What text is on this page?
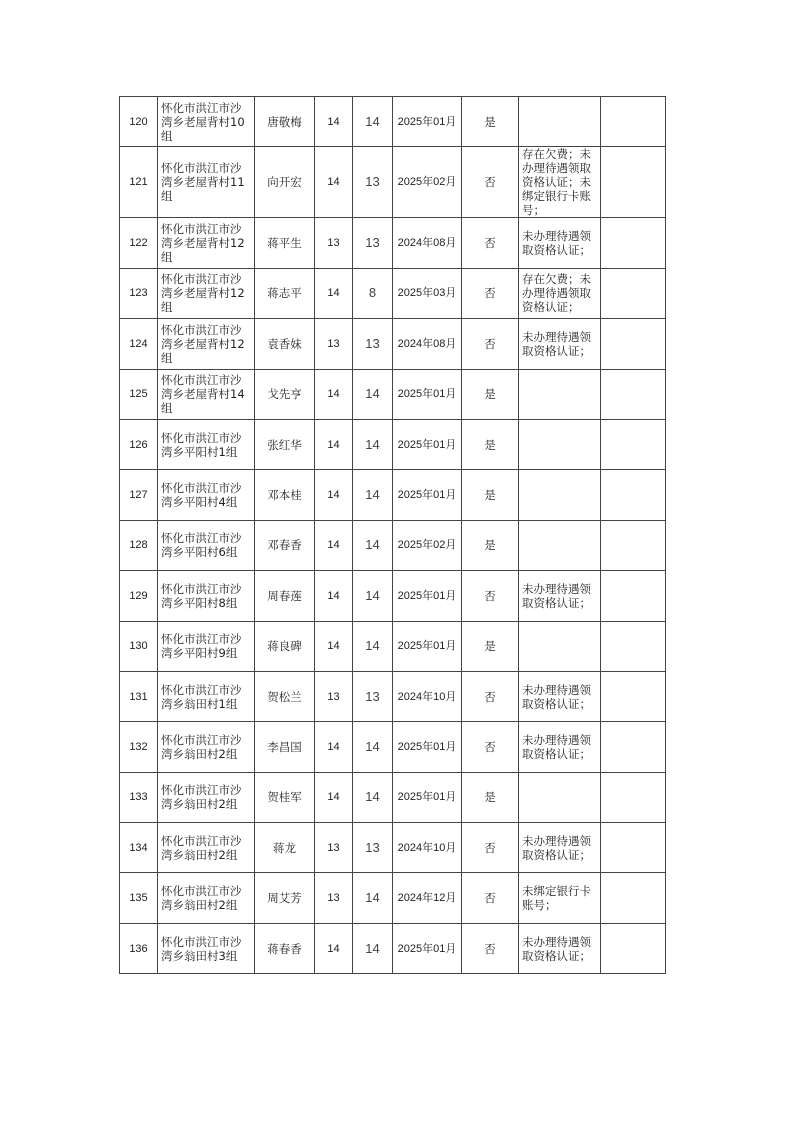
120	怀化市洪江市沙湾乡老屋背村10组	唐敬梅	14	14	2025年01月	是		
121	怀化市洪江市沙湾乡老屋背村11组	向开宏	14	13	2025年02月	否	存在欠费；未办理待遇领取资格认证；未绑定银行卡账号；	
122	怀化市洪江市沙湾乡老屋背村12组	蒋平生	13	13	2024年08月	否	未办理待遇领取资格认证；	
123	怀化市洪江市沙湾乡老屋背村12组	蒋志平	14	8	2025年03月	否	存在欠费；未办理待遇领取资格认证；	
124	怀化市洪江市沙湾乡老屋背村12组	袁香妹	13	13	2024年08月	否	未办理待遇领取资格认证；	
125	怀化市洪江市沙湾乡老屋背村14组	戈先亨	14	14	2025年01月	是		
126	怀化市洪江市沙湾乡平阳村1组	张红华	14	14	2025年01月	是		
127	怀化市洪江市沙湾乡平阳村4组	邓本桂	14	14	2025年01月	是		
128	怀化市洪江市沙湾乡平阳村6组	邓春香	14	14	2025年02月	是		
129	怀化市洪江市沙湾乡平阳村8组	周春莲	14	14	2025年01月	否	未办理待遇领取资格认证；	
130	怀化市洪江市沙湾乡平阳村9组	蒋良碑	14	14	2025年01月	是		
131	怀化市洪江市沙湾乡翁田村1组	贺松兰	13	13	2024年10月	否	未办理待遇领取资格认证；	
132	怀化市洪江市沙湾乡翁田村2组	李昌国	14	14	2025年01月	否	未办理待遇领取资格认证；	
133	怀化市洪江市沙湾乡翁田村2组	贺桂军	14	14	2025年01月	是		
134	怀化市洪江市沙湾乡翁田村2组	蒋龙	13	13	2024年10月	否	未办理待遇领取资格认证；	
135	怀化市洪江市沙湾乡翁田村2组	周艾芳	13	14	2024年12月	否	未绑定银行卡账号；	
136	怀化市洪江市沙湾乡翁田村3组	蒋春香	14	14	2025年01月	否	未办理待遇领取资格认证；	
